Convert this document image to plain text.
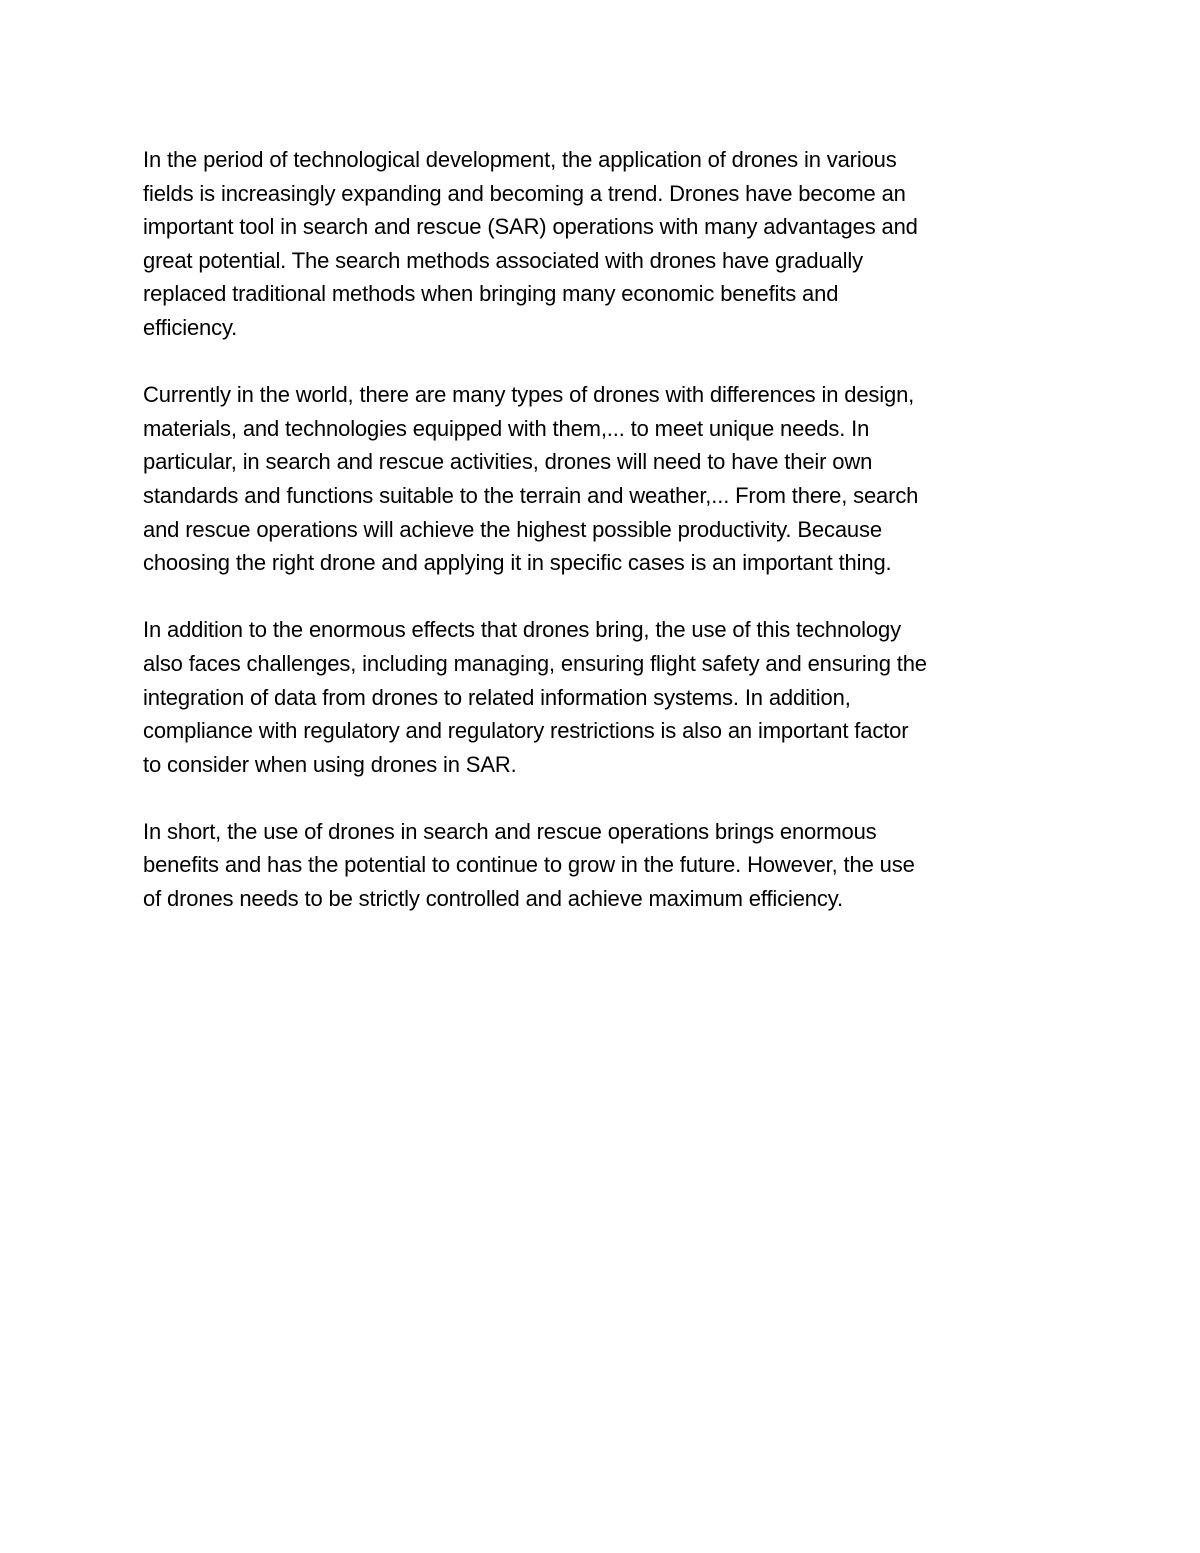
In the period of technological development, the application of drones in various
fields is increasingly expanding and becoming a trend. Drones have become an
important tool in search and rescue (SAR) operations with many advantages and
great potential. The search methods associated with drones have gradually
replaced traditional methods when bringing many economic benefits and
efficiency.

Currently in the world, there are many types of drones with differences in design,
materials, and technologies equipped with them,... to meet unique needs. In
particular, in search and rescue activities, drones will need to have their own
standards and functions suitable to the terrain and weather,... From there, search
and rescue operations will achieve the highest possible productivity. Because
choosing the right drone and applying it in specific cases is an important thing.

In addition to the enormous effects that drones bring, the use of this technology
also faces challenges, including managing, ensuring flight safety and ensuring the
integration of data from drones to related information systems. In addition,
compliance with regulatory and regulatory restrictions is also an important factor
to consider when using drones in SAR.

In short, the use of drones in search and rescue operations brings enormous
benefits and has the potential to continue to grow in the future. However, the use
of drones needs to be strictly controlled and achieve maximum efficiency.
